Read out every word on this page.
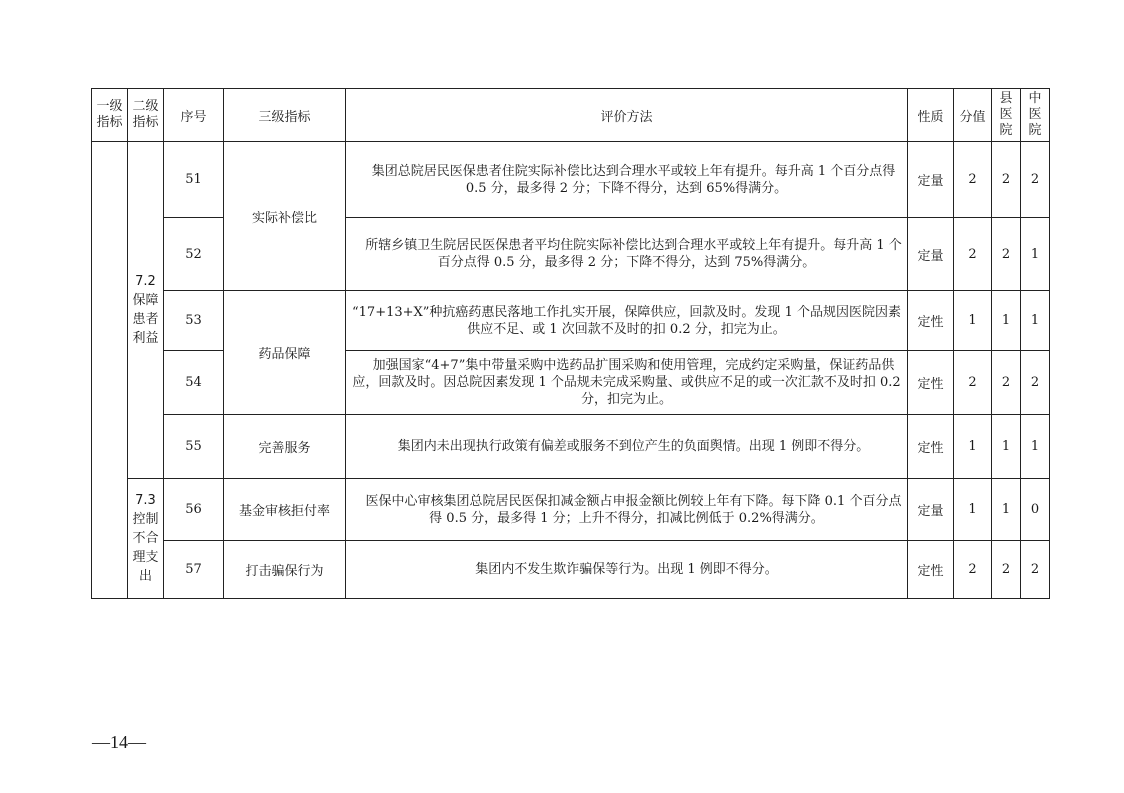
一级指标	二级指标	序号	三级指标	评价方法	性质	分值	县医院	中医院
	7.2 保障患者利益	51	实际补偿比	集团总院居民医保患者住院实际补偿比达到合理水平或较上年有提升。每升高 1 个百分点得 0.5 分，最多得 2 分；下降不得分，达到 65%得满分。	定量	2	2	2
		52		所辖乡镇卫生院居民医保患者平均住院实际补偿比达到合理水平或较上年有提升。每升高 1 个百分点得 0.5 分，最多得 2 分；下降不得分，达到 75%得满分。	定量	2	2	1
		53	药品保障	“17+13+X”种抗癌药惠民落地工作扎实开展，保障供应，回款及时。发现 1 个品规因医院因素供应不足、或 1 次回款不及时的扣 0.2 分，扣完为止。	定性	1	1	1
		54		加强国家“4+7”集中带量采购中选药品扩围采购和使用管理，完成约定采购量，保证药品供应，回款及时。因总院因素发现 1 个品规未完成采购量、或供应不足的或一次汇款不及时扣 0.2 分，扣完为止。	定性	2	2	2
		55	完善服务	集团内未出现执行政策有偏差或服务不到位产生的负面舆情。出现 1 例即不得分。	定性	1	1	1
	7.3 控制不合理支出	56	基金审核拒付率	医保中心审核集团总院居民医保扣减金额占申报金额比例较上年有下降。每下降 0.1 个百分点得 0.5 分，最多得 1 分；上升不得分，扣减比例低于 0.2%得满分。	定量	1	1	0
		57	打击骗保行为	集团内不发生欺诈骗保等行为。出现 1 例即不得分。	定性	2	2	2
—14—
